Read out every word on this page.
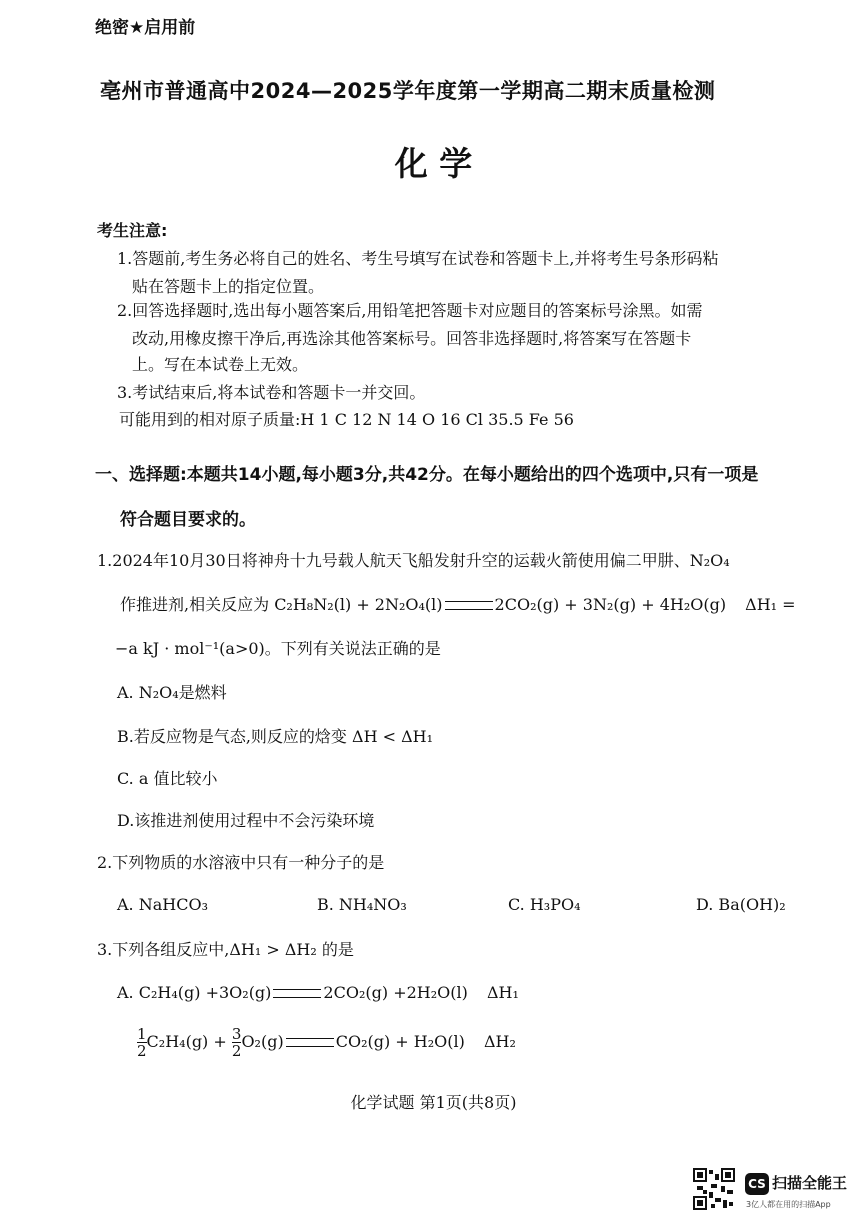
绝密★启用前
亳州市普通高中2024—2025学年度第一学期高二期末质量检测
化 学
考生注意:
1.答题前,考生务必将自己的姓名、考生号填写在试卷和答题卡上,并将考生号条形码粘
贴在答题卡上的指定位置。
2.回答选择题时,选出每小题答案后,用铅笔把答题卡对应题目的答案标号涂黑。如需
改动,用橡皮擦干净后,再选涂其他答案标号。回答非选择题时,将答案写在答题卡
上。写在本试卷上无效。
3.考试结束后,将本试卷和答题卡一并交回。
可能用到的相对原子质量:H 1 C 12 N 14 O 16 Cl 35.5 Fe 56
一、选择题:本题共14小题,每小题3分,共42分。在每小题给出的四个选项中,只有一项是
符合题目要求的。
1.2024年10月30日将神舟十九号载人航天飞船发射升空的运载火箭使用偏二甲肼、N₂O₄
作推进剂,相关反应为 C₂H₈N₂(l) + 2N₂O₄(l)	2CO₂(g) + 3N₂(g) + 4H₂O(g) ΔH₁ =
−a kJ · mol⁻¹(a>0)。下列有关说法正确的是
A. N₂O₄是燃料
B.若反应物是气态,则反应的焓变 ΔH < ΔH₁
C. a 值比较小
D.该推进剂使用过程中不会污染环境
2.下列物质的水溶液中只有一种分子的是
A. NaHCO₃	B. NH₄NO₃	C. H₃PO₄	D. Ba(OH)₂
3.下列各组反应中,ΔH₁ > ΔH₂ 的是
A. C₂H₄(g) +3O₂(g)	2CO₂(g) +2H₂O(l) ΔH₁
$\frac{1}{2} C_2H_4(g) + \frac{3}{2} O_2(g)$	CO₂(g) + H₂O(l) ΔH₂
化学试题 第1页(共8页)
CS 扫描全能王
3亿人都在用的扫描App
